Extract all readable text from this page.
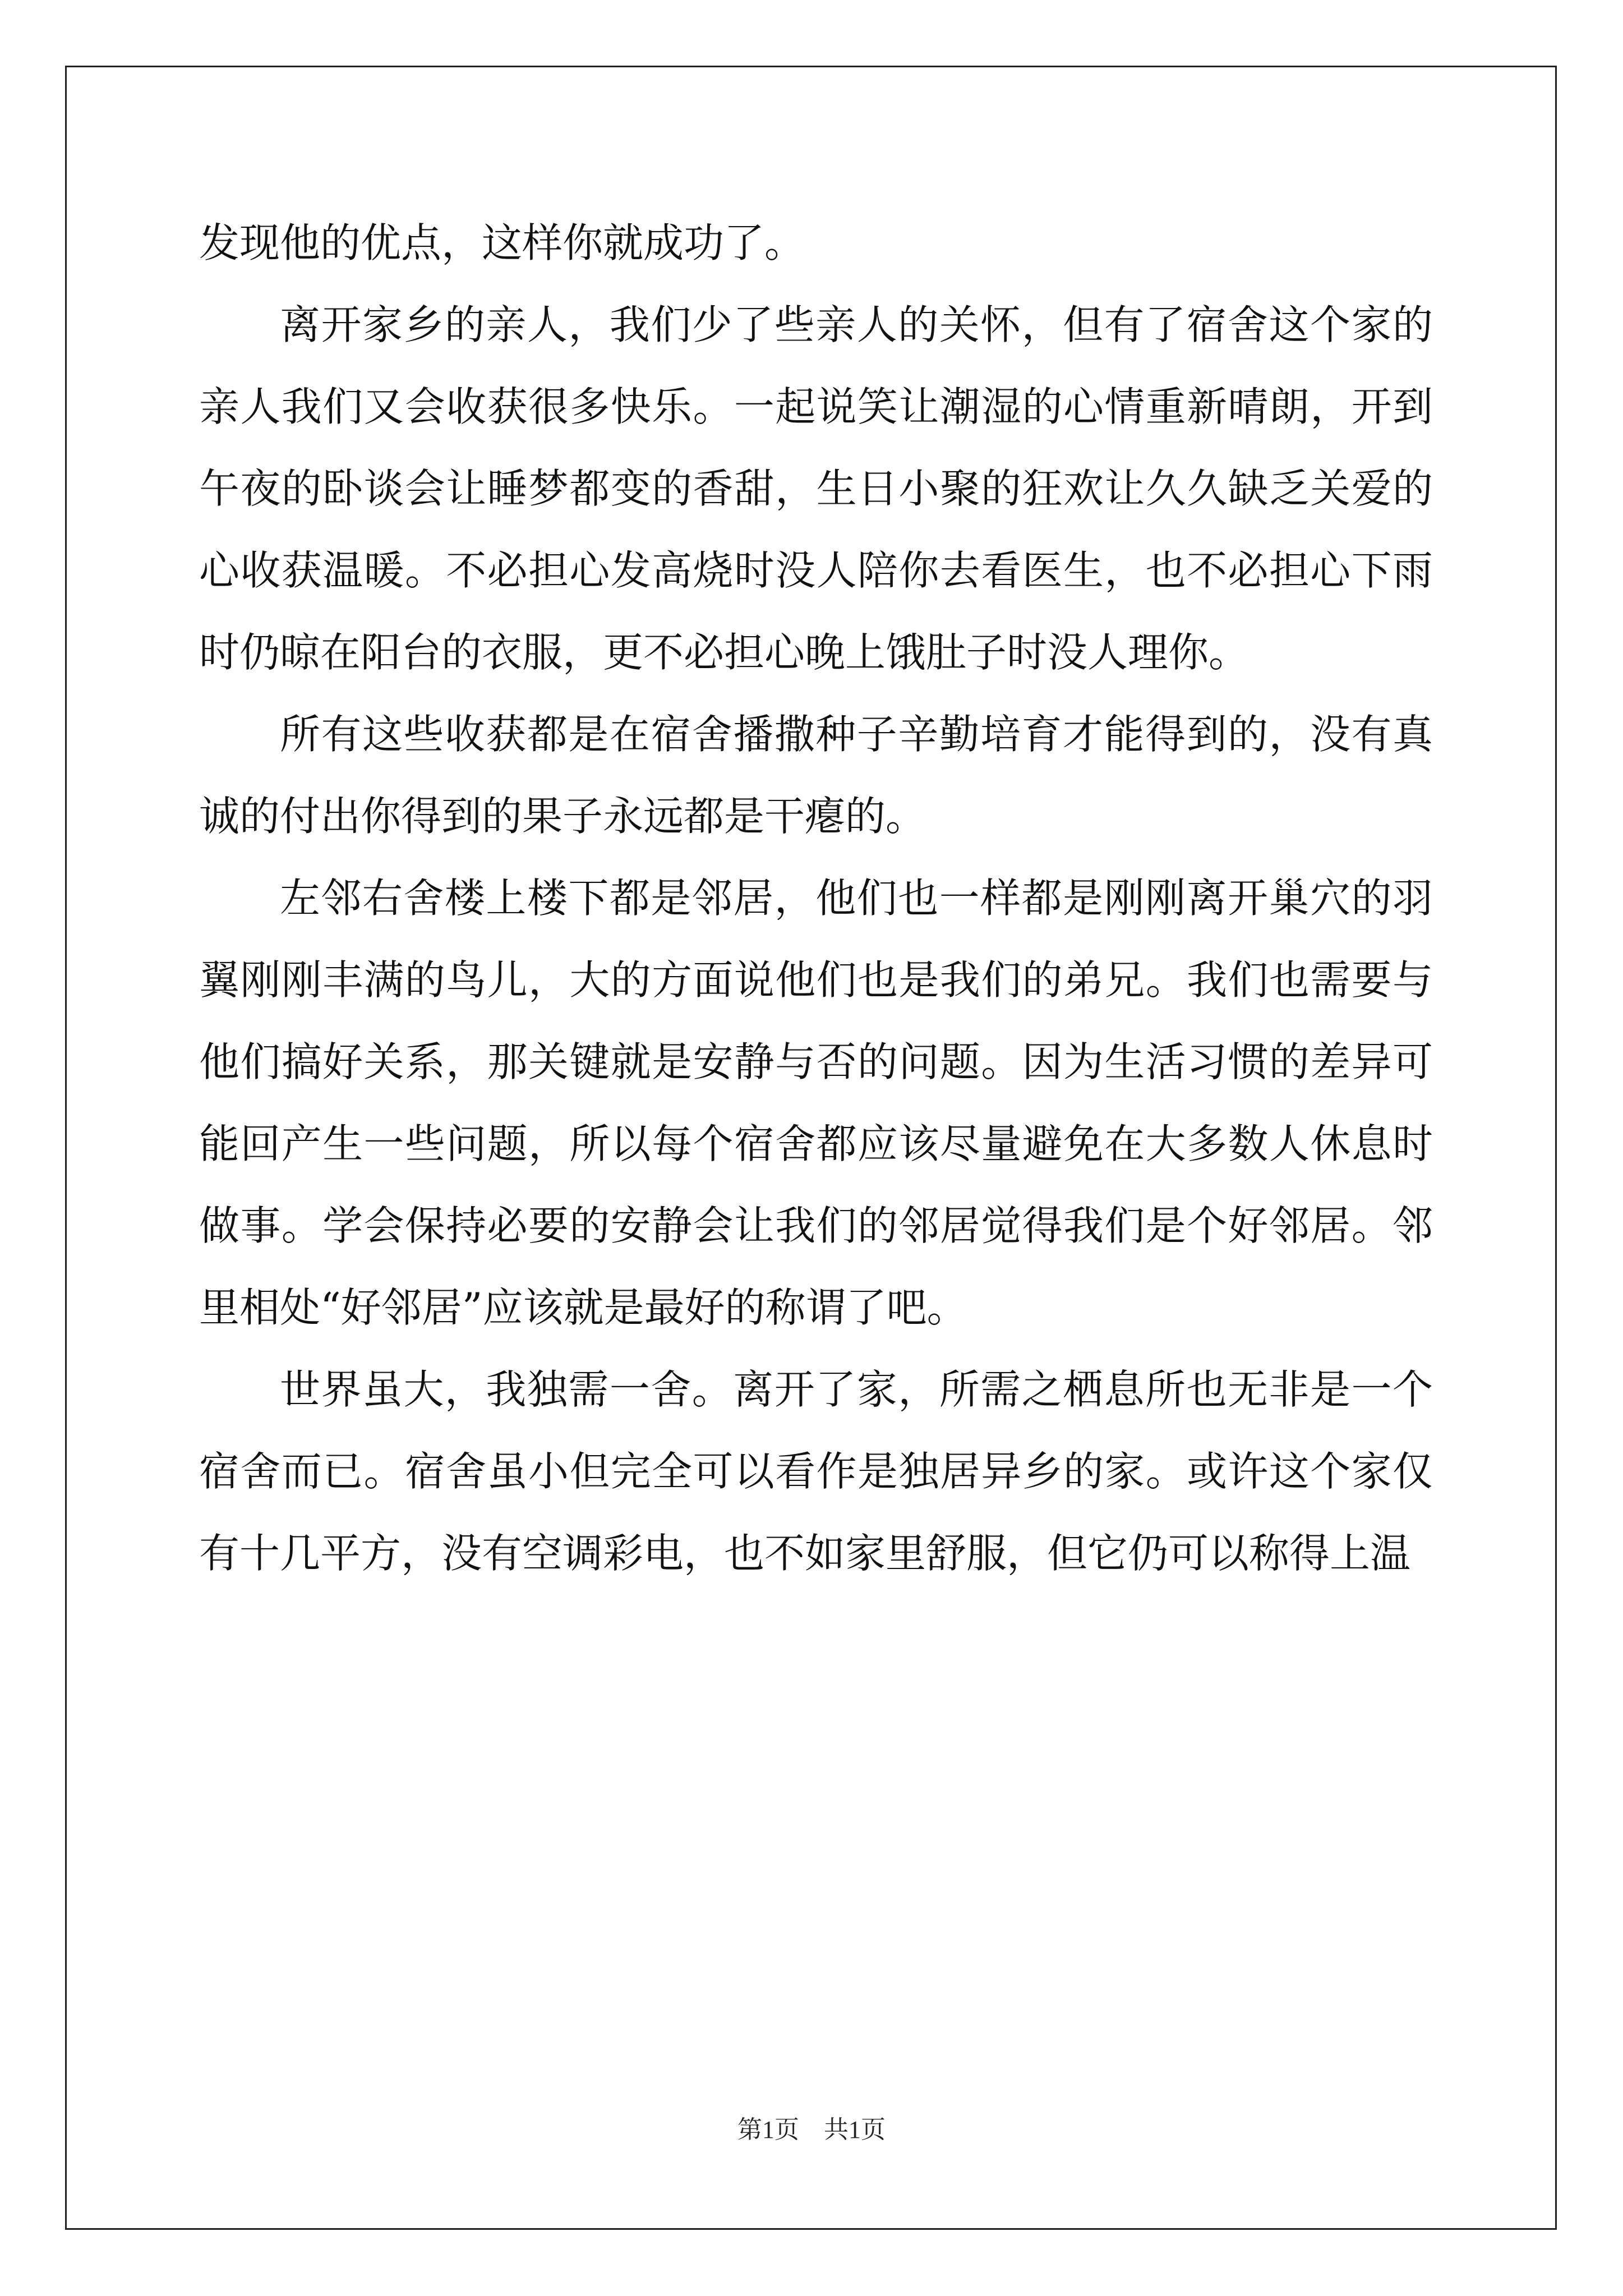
发现他的优点，这样你就成功了。

离开家乡的亲人，我们少了些亲人的关怀，但有了宿舍这个家的亲人我们又会收获很多快乐。一起说笑让潮湿的心情重新晴朗，开到午夜的卧谈会让睡梦都变的香甜，生日小聚的狂欢让久久缺乏关爱的心收获温暖。不必担心发高烧时没人陪你去看医生，也不必担心下雨时仍晾在阳台的衣服，更不必担心晚上饿肚子时没人理你。

所有这些收获都是在宿舍播撒种子辛勤培育才能得到的，没有真诚的付出你得到的果子永远都是干瘪的。

左邻右舍楼上楼下都是邻居，他们也一样都是刚刚离开巢穴的羽翼刚刚丰满的鸟儿，大的方面说他们也是我们的弟兄。我们也需要与他们搞好关系，那关键就是安静与否的问题。因为生活习惯的差异可能回产生一些问题，所以每个宿舍都应该尽量避免在大多数人休息时做事。学会保持必要的安静会让我们的邻居觉得我们是个好邻居。邻里相处“好邻居”应该就是最好的称谓了吧。

世界虽大，我独需一舍。离开了家，所需之栖息所也无非是一个宿舍而已。宿舍虽小但完全可以看作是独居异乡的家。或许这个家仅有十几平方，没有空调彩电，也不如家里舒服，但它仍可以称得上温

第1页　共1页
